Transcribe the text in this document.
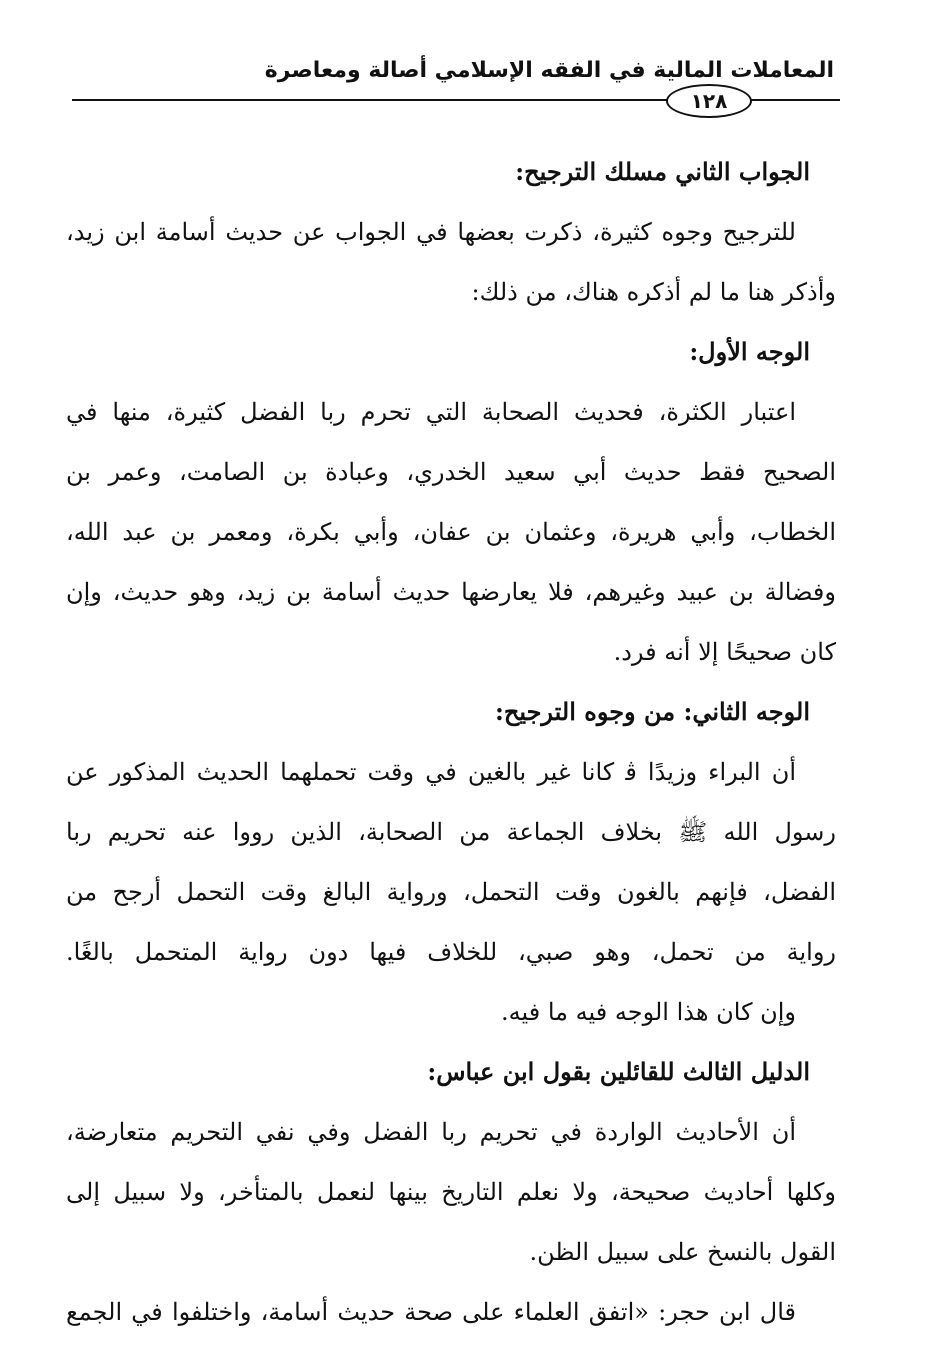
المعاملات المالية في الفقه الإسلامي أصالة ومعاصرة
١٢٨
الجواب الثاني مسلك الترجيح:
للترجيح وجوه كثيرة، ذكرت بعضها في الجواب عن حديث أسامة ابن زيد،
وأذكر هنا ما لم أذكره هناك، من ذلك:
الوجه الأول:
اعتبار الكثرة، فحديث الصحابة التي تحرم ربا الفضل كثيرة، منها في
الصحيح فقط حديث أبي سعيد الخدري، وعبادة بن الصامت، وعمر بن
الخطاب، وأبي هريرة، وعثمان بن عفان، وأبي بكرة، ومعمر بن عبد الله،
وفضالة بن عبيد وغيرهم، فلا يعارضها حديث أسامة بن زيد، وهو حديث، وإن
كان صحيحًا إلا أنه فرد.
الوجه الثاني: من وجوه الترجيح:
أن البراء وزيدًا ﭬ كانا غير بالغين في وقت تحملهما الحديث المذكور عن
رسول الله ﷺ بخلاف الجماعة من الصحابة، الذين رووا عنه تحريم ربا
الفضل، فإنهم بالغون وقت التحمل، ورواية البالغ وقت التحمل أرجح من
رواية من تحمل، وهو صبي، للخلاف فيها دون رواية المتحمل بالغًا.
وإن كان هذا الوجه فيه ما فيه.
الدليل الثالث للقائلين بقول ابن عباس:
أن الأحاديث الواردة في تحريم ربا الفضل وفي نفي التحريم متعارضة،
وكلها أحاديث صحيحة، ولا نعلم التاريخ بينها لنعمل بالمتأخر، ولا سبيل إلى
القول بالنسخ على سبيل الظن.
قال ابن حجر: «اتفق العلماء على صحة حديث أسامة، واختلفوا في الجمع
